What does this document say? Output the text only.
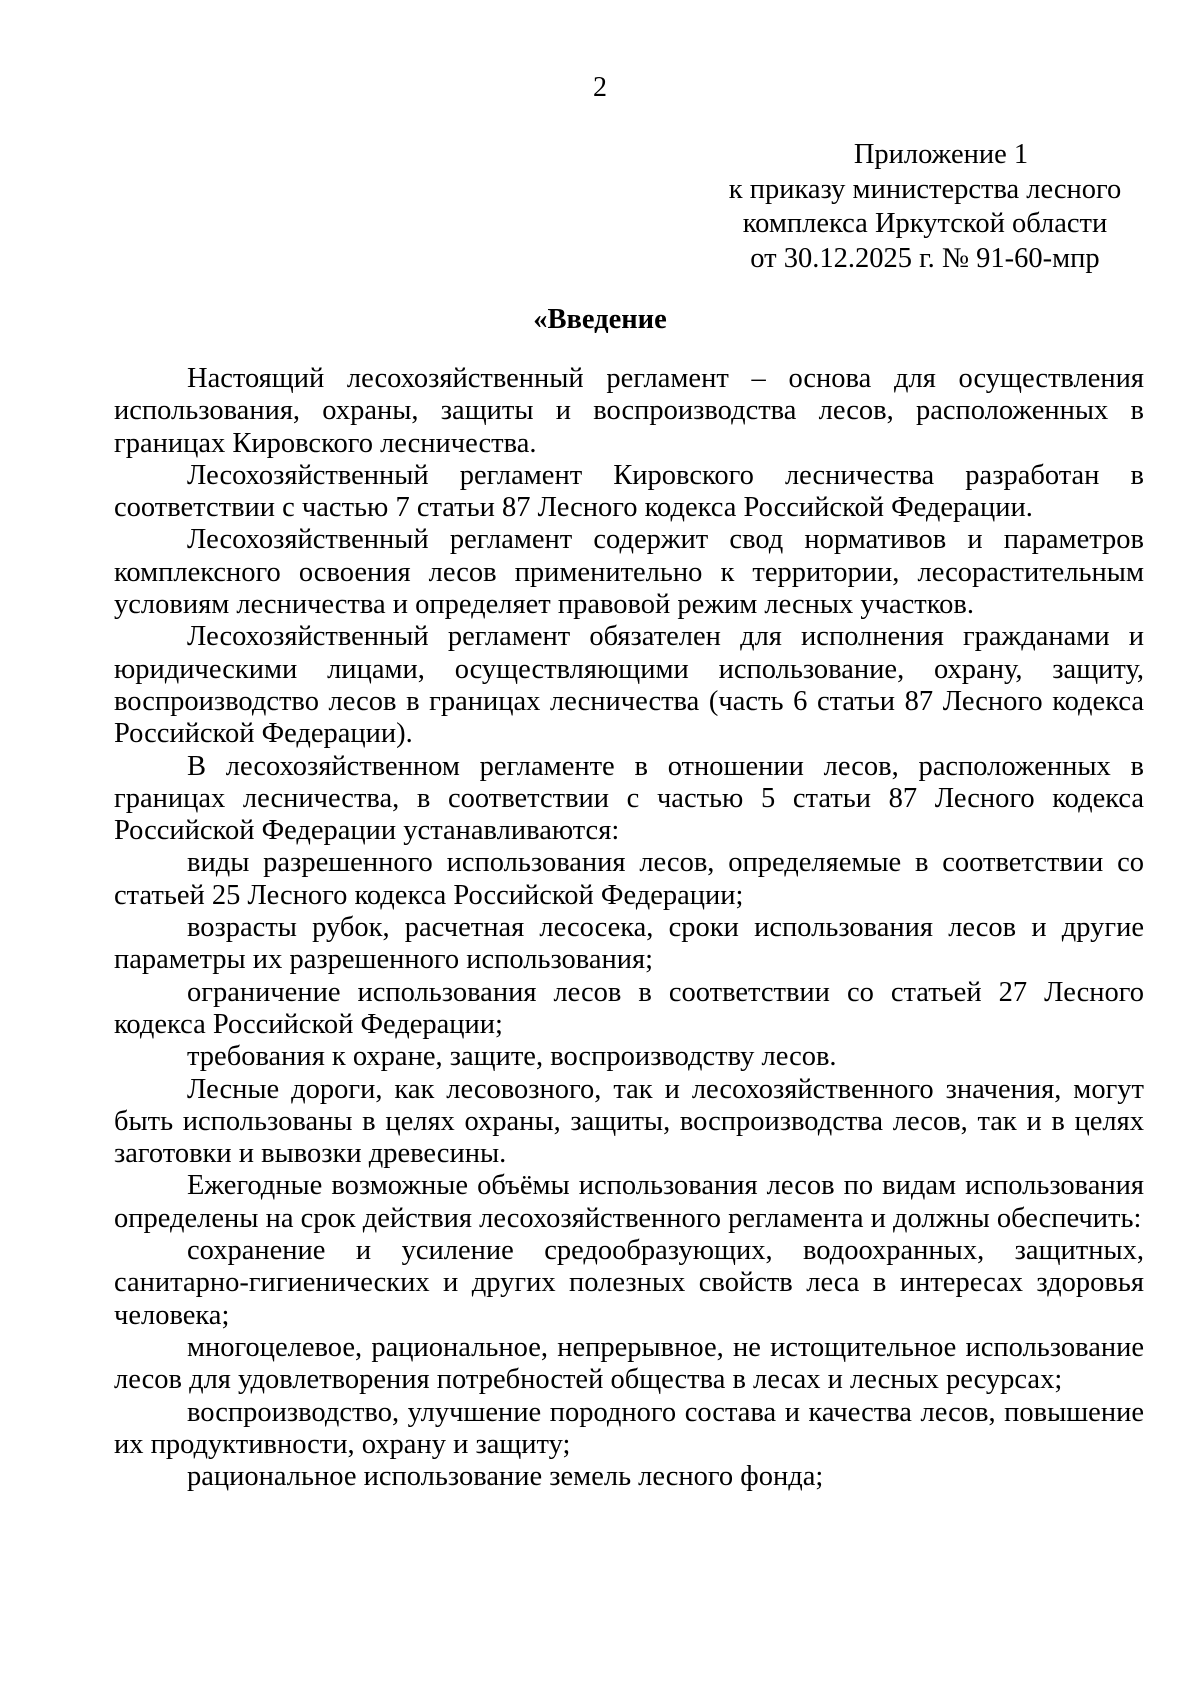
2
Приложение 1
к приказу министерства лесного
комплекса Иркутской области
от 30.12.2025 г. № 91-60-мпр
«Введение

Настоящий лесохозяйственный регламент – основа для осуществления использования, охраны, защиты и воспроизводства лесов, расположенных в границах Кировского лесничества.

Лесохозяйственный регламент Кировского лесничества разработан в соответствии с частью 7 статьи 87 Лесного кодекса Российской Федерации.

Лесохозяйственный регламент содержит свод нормативов и параметров комплексного освоения лесов применительно к территории, лесорастительным условиям лесничества и определяет правовой режим лесных участков.

Лесохозяйственный регламент обязателен для исполнения гражданами и юридическими лицами, осуществляющими использование, охрану, защиту, воспроизводство лесов в границах лесничества (часть 6 статьи 87 Лесного кодекса Российской Федерации).

В лесохозяйственном регламенте в отношении лесов, расположенных в границах лесничества, в соответствии с частью 5 статьи 87 Лесного кодекса Российской Федерации устанавливаются:

виды разрешенного использования лесов, определяемые в соответствии со статьей 25 Лесного кодекса Российской Федерации;

возрасты рубок, расчетная лесосека, сроки использования лесов и другие параметры их разрешенного использования;

ограничение использования лесов в соответствии со статьей 27 Лесного кодекса Российской Федерации;

требования к охране, защите, воспроизводству лесов.

Лесные дороги, как лесовозного, так и лесохозяйственного значения, могут быть использованы в целях охраны, защиты, воспроизводства лесов, так и в целях заготовки и вывозки древесины.

Ежегодные возможные объёмы использования лесов по видам использования определены на срок действия лесохозяйственного регламента и должны обеспечить:

сохранение и усиление средообразующих, водоохранных, защитных, санитарно-гигиенических и других полезных свойств леса в интересах здоровья человека;

многоцелевое, рациональное, непрерывное, не истощительное использование лесов для удовлетворения потребностей общества в лесах и лесных ресурсах;

воспроизводство, улучшение породного состава и качества лесов, повышение их продуктивности, охрану и защиту;

рациональное использование земель лесного фонда;
